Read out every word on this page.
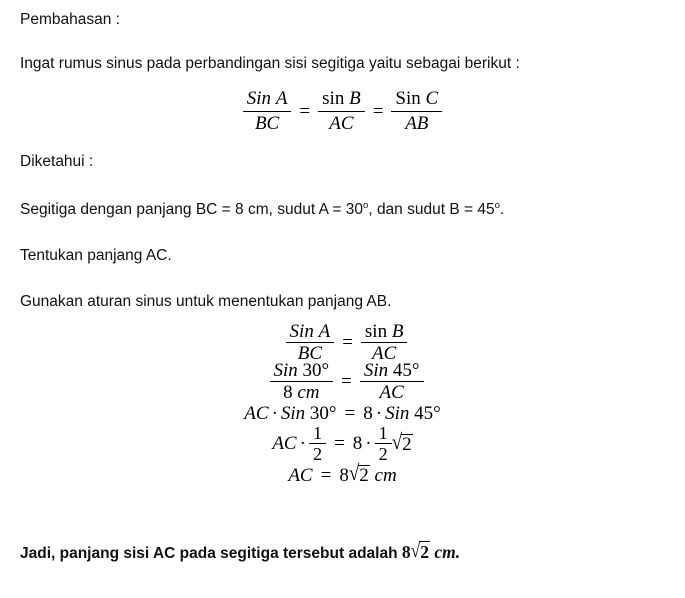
Pembahasan :
Ingat rumus sinus pada perbandingan sisi segitiga yaitu sebagai berikut :
Diketahui :
Segitiga dengan panjang BC = 8 cm, sudut $A = 30^o$, dan sudut $B = 45^o$.
Tentukan panjang AC.
Gunakan aturan sinus untuk menentukan panjang AB.
$\frac{\text{Sin A}}{BC} = \frac{\text{sin B}}{AC} = \frac{\text{Sin C}}{AB}$
$\frac{\text{Sin A}}{BC} = \frac{\text{sin B}}{AC}$
$\frac{\text{Sin 30°}}{8 cm} = \frac{\text{Sin 45°}}{AC}$
AC · Sin
30° = 8 · Sin
45°
AC · $\frac{1}{2} = 8 \cdot \frac{1}{2} √2$
AC = 8 √2
cm
Jadi, panjang sisi AC pada segitiga tersebut adalah 8√2 cm.
